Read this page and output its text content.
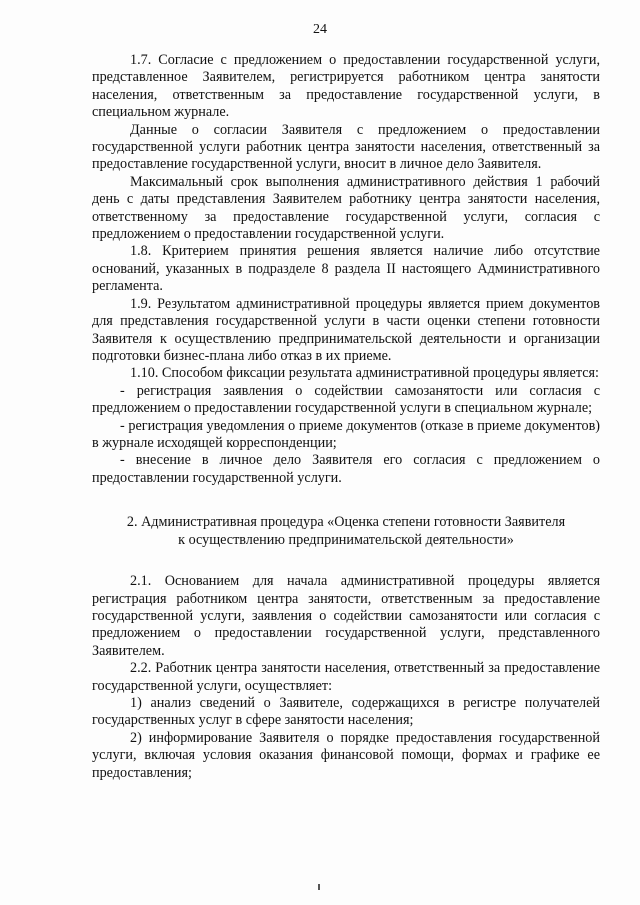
24

1.7. Согласие с предложением о предоставлении государственной услуги, представленное Заявителем, регистрируется работником центра занятости населения, ответственным за предоставление государственной услуги, в специальном журнале.

Данные о согласии Заявителя с предложением о предоставлении государственной услуги работник центра занятости населения, ответственный за предоставление государственной услуги, вносит в личное дело Заявителя.

Максимальный срок выполнения административного действия 1 рабочий день с даты представления Заявителем работнику центра занятости населения, ответственному за предоставление государственной услуги, согласия с предложением о предоставлении государственной услуги.

1.8. Критерием принятия решения является наличие либо отсутствие оснований, указанных в подразделе 8 раздела II настоящего Административного регламента.

1.9. Результатом административной процедуры является прием документов для представления государственной услуги в части оценки степени готовности Заявителя к осуществлению предпринимательской деятельности и организации подготовки бизнес-плана либо отказ в их приеме.

1.10. Способом фиксации результата административной процедуры является:

- регистрация заявления о содействии самозанятости или согласия с предложением о предоставлении государственной услуги в специальном журнале;

- регистрация уведомления о приеме документов (отказе в приеме документов) в журнале исходящей корреспонденции;

- внесение в личное дело Заявителя его согласия с предложением о предоставлении государственной услуги.

2. Административная процедура «Оценка степени готовности Заявителя
к осуществлению предпринимательской деятельности»

2.1. Основанием для начала административной процедуры является регистрация работником центра занятости, ответственным за предоставление государственной услуги, заявления о содействии самозанятости или согласия с предложением о предоставлении государственной услуги, представленного Заявителем.

2.2. Работник центра занятости населения, ответственный за предоставление государственной услуги, осуществляет:

1) анализ сведений о Заявителе, содержащихся в регистре получателей государственных услуг в сфере занятости населения;

2) информирование Заявителя о порядке предоставления государственной услуги, включая условия оказания финансовой помощи, формах и графике ее предоставления;
